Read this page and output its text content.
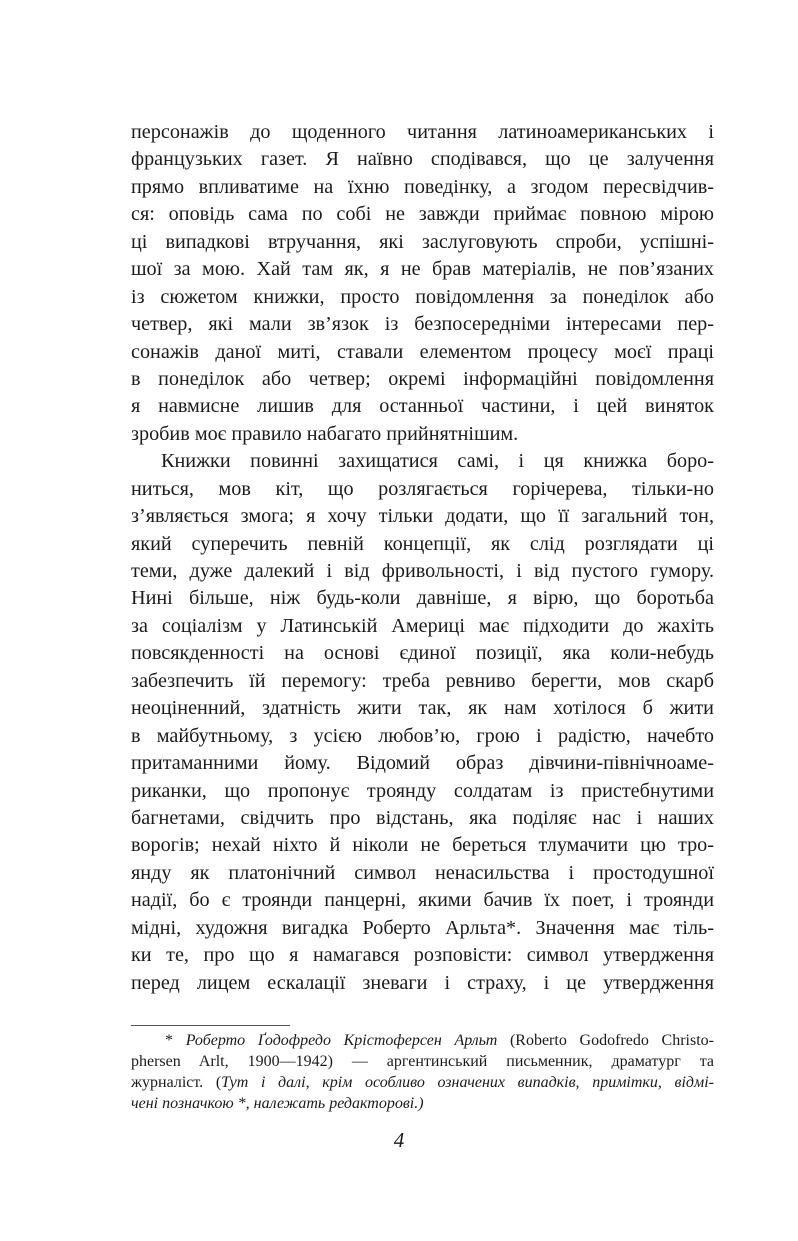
персонажів до щоденного читання латиноамериканських і
французьких газет. Я наївно сподівався, що це залучення
прямо впливатиме на їхню поведінку, а згодом пересвідчив-
ся: оповідь сама по собі не завжди приймає повною мірою
ці випадкові втручання, які заслуговують спроби, успішні-
шої за мою. Хай там як, я не брав матеріалів, не пов’язаних
із сюжетом книжки, просто повідомлення за понеділок або
четвер, які мали зв’язок із безпосередніми інтересами пер-
сонажів даної миті, ставали елементом процесу моєї праці
в понеділок або четвер; окремі інформаційні повідомлення
я навмисне лишив для останньої частини, і цей виняток
зробив моє правило набагато прийнятнішим.
Книжки повинні захищатися самі, і ця книжка боро-
ниться, мов кіт, що розлягається горічерева, тільки-но
з’являється змога; я хочу тільки додати, що її загальний тон,
який суперечить певній концепції, як слід розглядати ці
теми, дуже далекий і від фривольності, і від пустого гумору.
Нині більше, ніж будь-коли давніше, я вірю, що боротьба
за соціалізм у Латинській Америці має підходити до жахіть
повсякденності на основі єдиної позиції, яка коли-небудь
забезпечить їй перемогу: треба ревниво берегти, мов скарб
неоціненний, здатність жити так, як нам хотілося б жити
в майбутньому, з усією любов’ю, грою і радістю, начебто
притаманними йому. Відомий образ дівчини-північноаме-
риканки, що пропонує троянду солдатам із пристебнутими
багнетами, свідчить про відстань, яка поділяє нас і наших
ворогів; нехай ніхто й ніколи не береться тлумачити цю тро-
янду як платонічний символ ненасильства і простодушної
надії, бо є троянди панцерні, якими бачив їх поет, і троянди
мідні, художня вигадка Роберто Арльта*. Значення має тіль-
ки те, про що я намагався розповісти: символ утвердження
перед лицем ескалації зневаги і страху, і це утвердження
* Роберто Ґодофредо Крістоферсен Арльт (Roberto Godofredo Christo-
phersen Arlt, 1900—1942) — аргентинський письменник, драматург та
журналіст. (Тут і далі, крім особливо означених випадків, примітки, відмі-
чені позначкою *, належать редакторові.)
4
